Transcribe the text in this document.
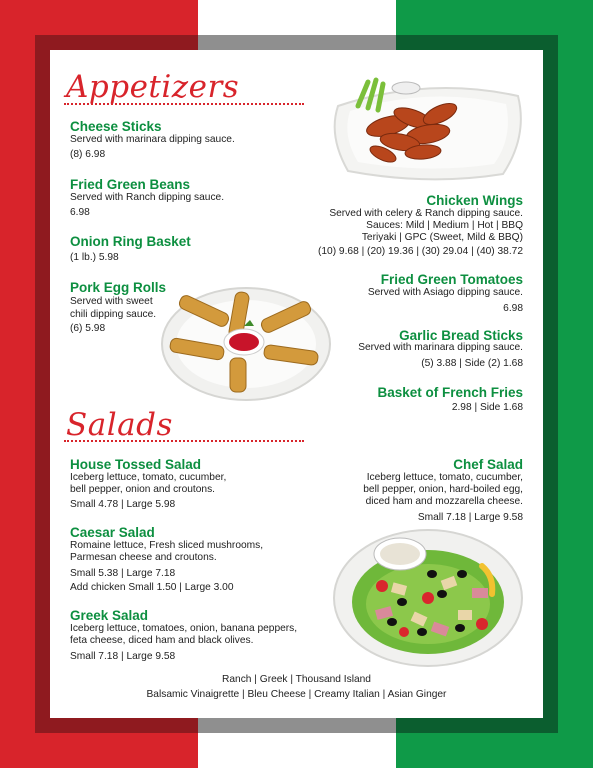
Appetizers
Cheese Sticks
Served with marinara dipping sauce.
(8) 6.98
Fried Green Beans
Served with Ranch dipping sauce.
6.98
Onion Ring Basket
(1 lb.) 5.98
Pork Egg Rolls
Served with sweet
chili dipping sauce.
(6) 5.98
Chicken Wings
Served with celery & Ranch dipping sauce.
Sauces: Mild | Medium | Hot | BBQ
Teriyaki | GPC (Sweet, Mild & BBQ)
(10) 9.68 | (20) 19.36 | (30) 29.04 | (40) 38.72
Fried Green Tomatoes
Served with Asiago dipping sauce.
6.98
Garlic Bread Sticks
Served with marinara dipping sauce.
(5) 3.88 | Side (2) 1.68
Basket of French Fries
2.98 | Side 1.68
Salads
House Tossed Salad
Iceberg lettuce, tomato, cucumber,
bell pepper, onion and croutons.
Small 4.78 | Large 5.98
Caesar Salad
Romaine lettuce, Fresh sliced mushrooms,
Parmesan cheese and croutons.
Small 5.38 | Large 7.18
Add chicken Small 1.50 | Large 3.00
Greek Salad
Iceberg lettuce, tomatoes, onion, banana peppers,
feta cheese, diced ham and black olives.
Small 7.18 | Large 9.58
Chef Salad
Iceberg lettuce, tomato, cucumber,
bell pepper, onion, hard-boiled egg,
diced ham and mozzarella cheese.
Small 7.18 | Large 9.58
Ranch | Greek | Thousand Island
Balsamic Vinaigrette | Bleu Cheese | Creamy Italian | Asian Ginger
